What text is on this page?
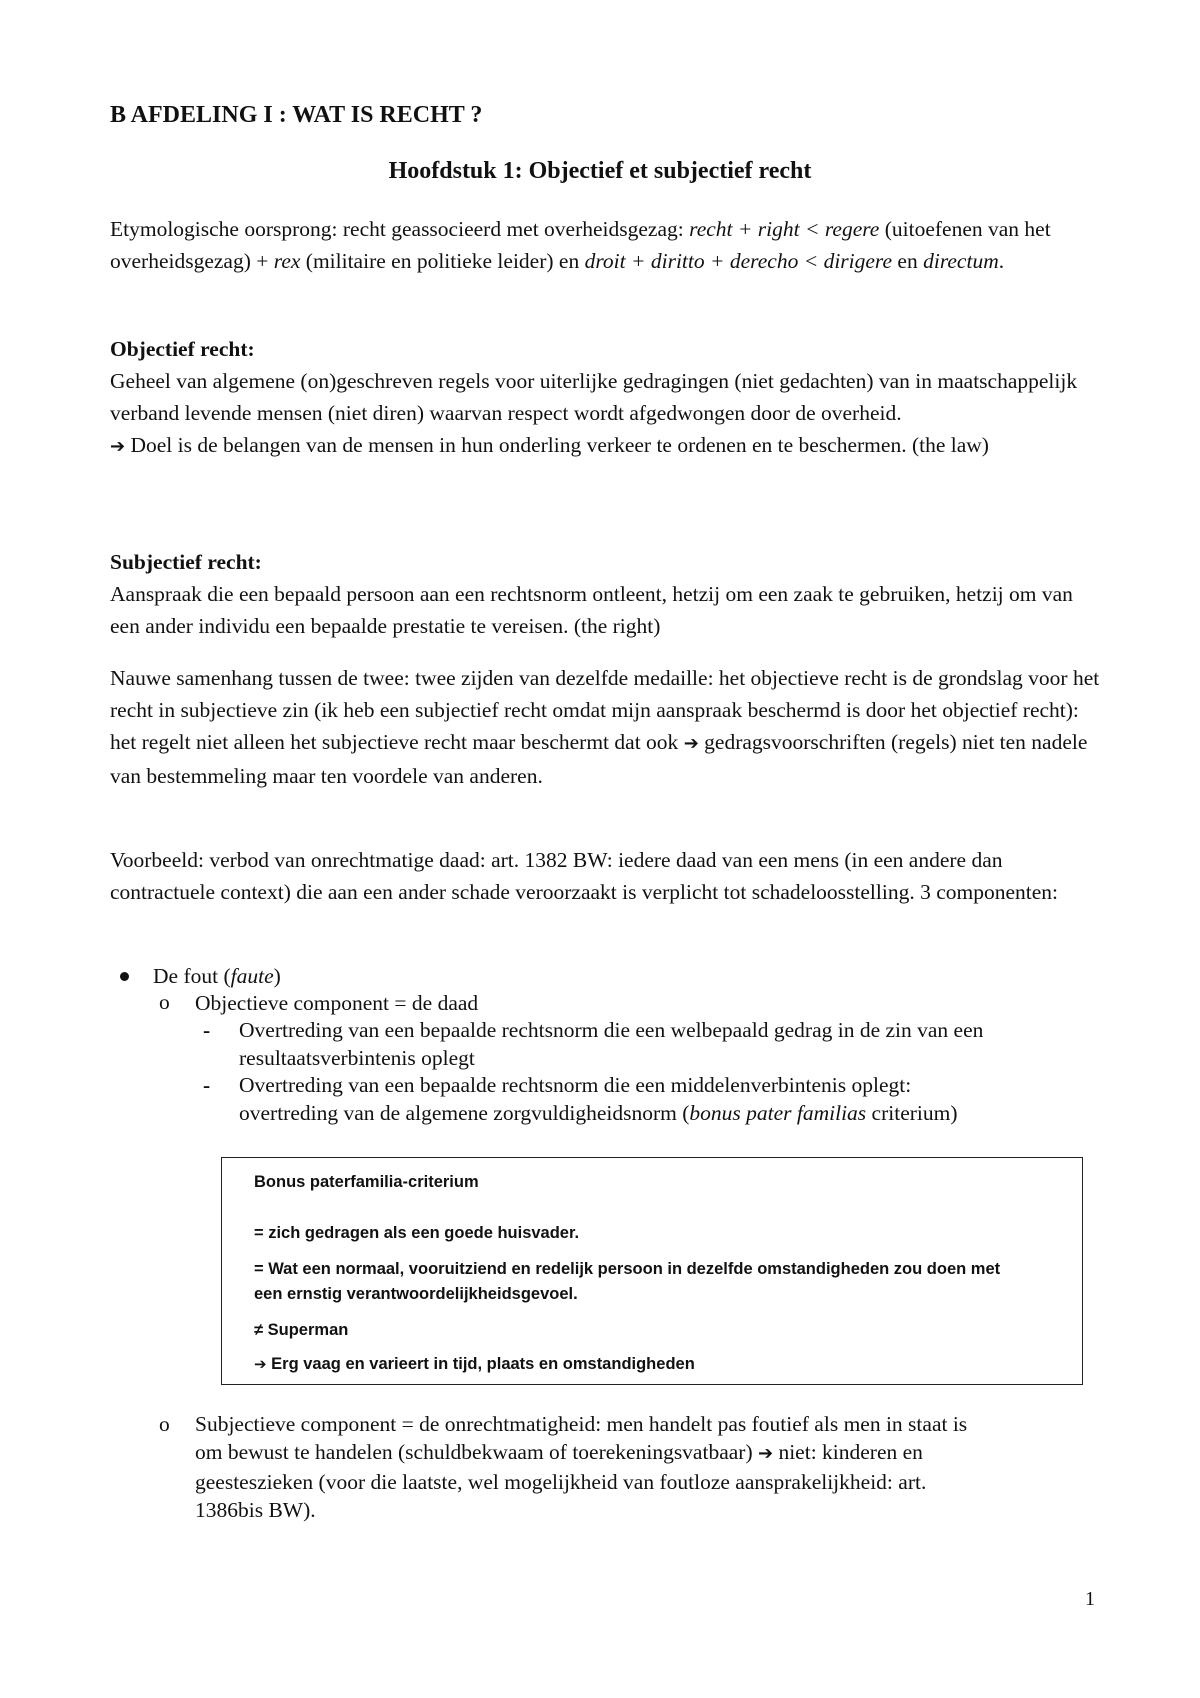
B AFDELING I : WAT IS RECHT ?
Hoofdstuk 1: Objectief et subjectief recht

Etymologische oorsprong: recht geassocieerd met overheidsgezag: recht + right < regere (uitoefenen van het overheidsgezag) + rex (militaire en politieke leider) en droit + diritto + derecho < dirigere en directum.

Objectief recht:
Geheel van algemene (on)geschreven regels voor uiterlijke gedragingen (niet gedachten) van in maatschappelijk verband levende mensen (niet diren) waarvan respect wordt afgedwongen door de overheid.
➔ Doel is de belangen van de mensen in hun onderling verkeer te ordenen en te beschermen. (the law)

Subjectief recht:
Aanspraak die een bepaald persoon aan een rechtsnorm ontleent, hetzij om een zaak te gebruiken, hetzij om van een ander individu een bepaalde prestatie te vereisen. (the right)

Nauwe samenhang tussen de twee: twee zijden van dezelfde medaille: het objectieve recht is de grondslag voor het recht in subjectieve zin (ik heb een subjectief recht omdat mijn aanspraak beschermd is door het objectief recht): het regelt niet alleen het subjectieve recht maar beschermt dat ook ➔ gedragsvoorschriften (regels) niet ten nadele van bestemmeling maar ten voordele van anderen.

Voorbeeld: verbod van onrechtmatige daad: art. 1382 BW: iedere daad van een mens (in een andere dan contractuele context) die aan een ander schade veroorzaakt is verplicht tot schadeloosstelling. 3 componenten:

De fout (faute)
o Objectieve component = de daad
- Overtreding van een bepaalde rechtsnorm die een welbepaald gedrag in de zin van een
resultaatsverbintenis oplegt
- Overtreding van een bepaalde rechtsnorm die een middelenverbintenis oplegt:
overtreding van de algemene zorgvuldigheidsnorm (bonus pater familias criterium)
Bonus paterfamilia-criterium
= zich gedragen als een goede huisvader.
= Wat een normaal, vooruitziend en redelijk persoon in dezelfde omstandigheden zou doen met
een ernstig verantwoordelijkheidsgevoel.
≠ Superman
➔ Erg vaag en varieert in tijd, plaats en omstandigheden
o Subjectieve component = de onrechtmatigheid: men handelt pas foutief als men in staat is
om bewust te handelen (schuldbekwaam of toerekeningsvatbaar) ➔ niet: kinderen en
geesteszieken (voor die laatste, wel mogelijkheid van foutloze aansprakelijkheid: art.
1386bis BW).
1
